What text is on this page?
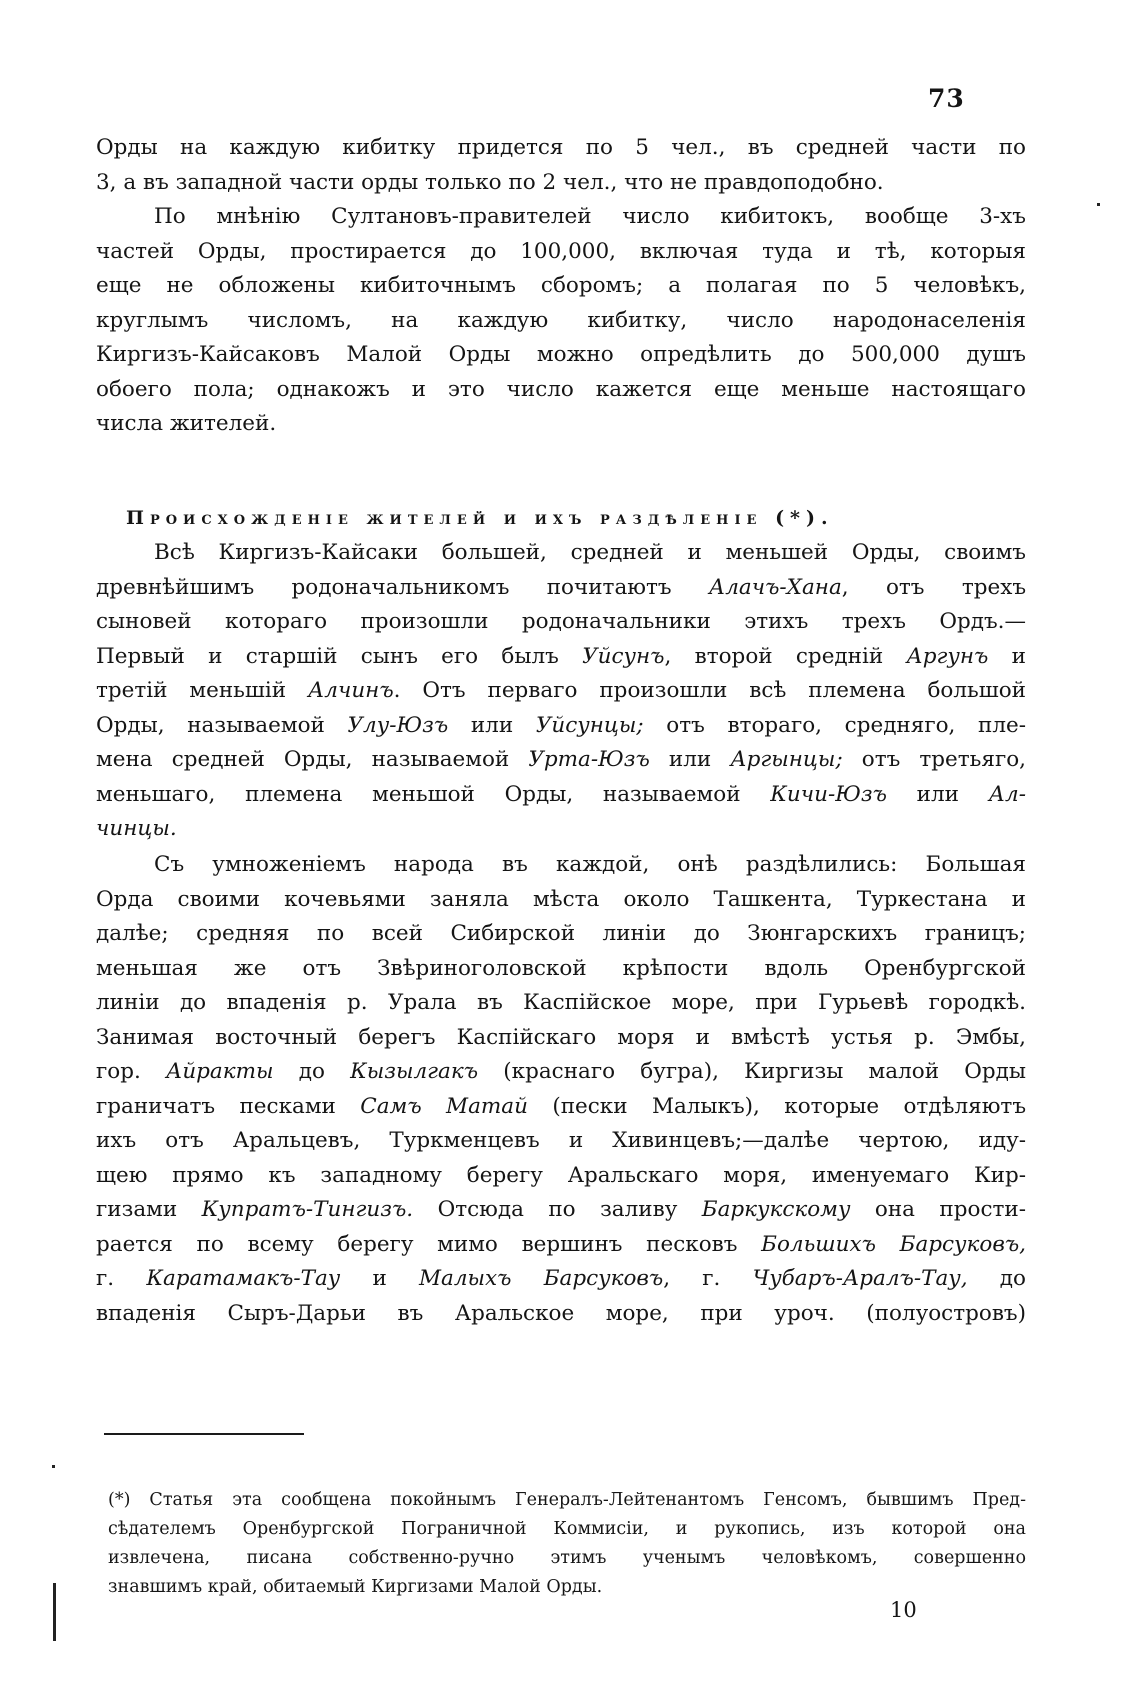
73

Орды на каждую кибитку придется по 5 чел., въ средней части по
3, а въ западной части орды только по 2 чел., что не правдоподобно.

По мнѣнію Султановъ-правителей число кибитокъ, вообще 3-хъ
частей Орды, простирается до 100,000, включая туда и тѣ, которыя
еще не обложены кибиточнымъ сборомъ; а полагая по 5 человѣкъ,
круглымъ числомъ, на каждую кибитку, число народонаселенія
Киргизъ-Кайсаковъ Малой Орды можно опредѣлить до 500,000 душъ
обоего пола; однакожъ и это число кажется еще меньше настоящаго
числа жителей.

Происхожденіе жителей и ихъ раздѣленіе (*).

Всѣ Киргизъ-Кайсаки большей, средней и меньшей Орды, своимъ
древнѣйшимъ родоначальникомъ почитаютъ Алачъ-Хана, отъ трехъ
сыновей котораго произошли родоначальники этихъ трехъ Ордъ.—
Первый и старшій сынъ его былъ Уйсунъ, второй средній Аргунъ и
третій меньшій Алчинъ. Отъ перваго произошли всѣ племена большой
Орды, называемой Улу-Юзъ или Уйсунцы; отъ втораго, средняго, пле-
мена средней Орды, называемой Урта-Юзъ или Аргынцы; отъ третьяго,
меньшаго, племена меньшой Орды, называемой Кичи-Юзъ или Ал-
чинцы.

Съ умноженіемъ народа въ каждой, онѣ раздѣлились: Большая
Орда своими кочевьями заняла мѣста около Ташкента, Туркестана и
далѣе; средняя по всей Сибирской линіи до Зюнгарскихъ границъ;
меньшая же отъ Звѣриноголовской крѣпости вдоль Оренбургской
линіи до впаденія р. Урала въ Каспійское море, при Гурьевѣ городкѣ.
Занимая восточный берегъ Каспійскаго моря и вмѣстѣ устья р. Эмбы,
гор. Айракты до Кызылгакъ (краснаго бугра), Киргизы малой Орды
граничатъ песками Самъ Матай (пески Малыкъ), которые отдѣляютъ
ихъ отъ Аральцевъ, Туркменцевъ и Хивинцевъ;—далѣе чертою, иду-
щею прямо къ западному берегу Аральскаго моря, именуемаго Кир-
гизами Купратъ-Тингизъ. Отсюда по заливу Баркукскому она прости-
рается по всему берегу мимо вершинъ песковъ Большихъ Барсуковъ,
г. Каратамакъ-Тау и Малыхъ Барсуковъ, г. Чубаръ-Аралъ-Тау, до
впаденія Сыръ-Дарьи въ Аральское море, при уроч. (полуостровъ)

(*) Статья эта сообщена покойнымъ Генералъ-Лейтенантомъ Генсомъ, бывшимъ Пред-
сѣдателемъ Оренбургской Пограничной Коммисіи, и рукопись, изъ которой она
извлечена, писана собственно-ручно этимъ ученымъ человѣкомъ, совершенно
знавшимъ край, обитаемый Киргизами Малой Орды.

10
